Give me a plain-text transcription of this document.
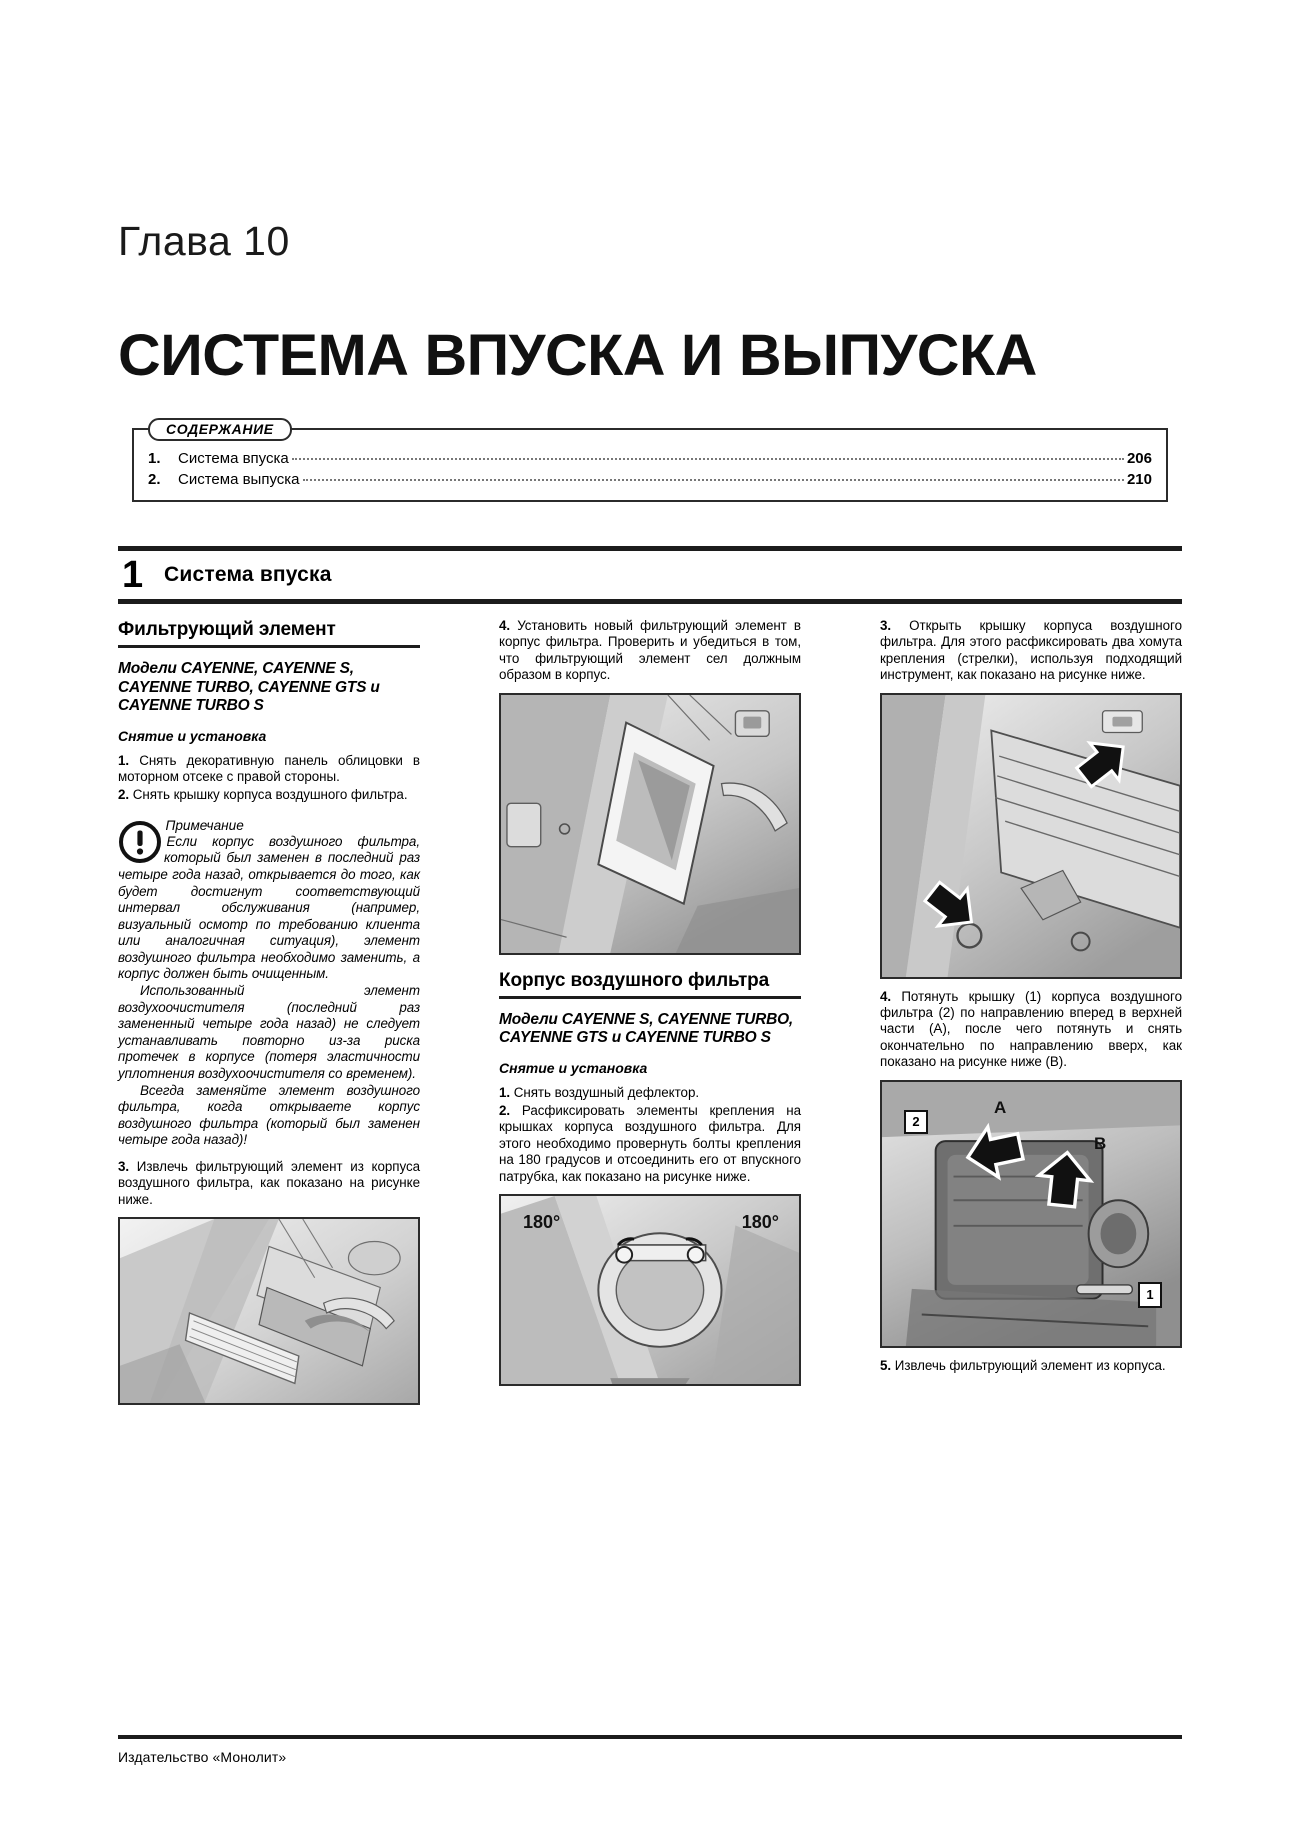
Глава 10
СИСТЕМА ВПУСКА И ВЫПУСКА
СОДЕРЖАНИЕ
1.	Система впуска	206
2.	Система выпуска	210
1 Система впуска
Фильтрующий элемент

Модели CAYENNE, CAYENNE S, CAYENNE TURBO, CAYENNE GTS и CAYENNE TURBO S

Снятие и установка

1. Снять декоративную панель облицовки в моторном отсеке с правой стороны.

2. Снять крышку корпуса воздушного фильтра.

Примечание

Если корпус воздушного фильтра, который был заменен в последний раз четыре года назад, открывается до того, как будет достигнут соответствующий интервал обслуживания (например, визуальный осмотр по требованию клиента или аналогичная ситуация), элемент воздушного фильтра необходимо заменить, а корпус должен быть очищенным.

Использованный элемент воздухоочистителя (последний раз замененный четыре года назад) не следует устанавливать повторно из-за риска протечек в корпусе (потеря эластичности уплотнения воздухоочистителя со временем).

Всегда заменяйте элемент воздушного фильтра, когда открываете корпус воздушного фильтра (который был заменен четыре года назад)!

3. Извлечь фильтрующий элемент из корпуса воздушного фильтра, как показано на рисунке ниже.

4. Установить новый фильтрующий элемент в корпус фильтра. Проверить и убедиться в том, что фильтрующий элемент сел должным образом в корпус.

Корпус воздушного фильтра

Модели CAYENNE S, CAYENNE TURBO, CAYENNE GTS и CAYENNE TURBO S

Снятие и установка

1. Снять воздушный дефлектор.

2. Расфиксировать элементы крепления на крышках корпуса воздушного фильтра. Для этого необходимо провернуть болты крепления на 180 градусов и отсоединить его от впускного патрубка, как показано на рисунке ниже.

180°	180°

3. Открыть крышку корпуса воздушного фильтра. Для этого расфиксировать два хомута крепления (стрелки), используя подходящий инструмент, как показано на рисунке ниже.

4. Потянуть крышку (1) корпуса воздушного фильтра (2) по направлению вперед в верхней части (A), после чего потянуть и снять окончательно по направлению вверх, как показано на рисунке ниже (B).

A
B
2
1

5. Извлечь фильтрующий элемент из корпуса.

Издательство «Монолит»
